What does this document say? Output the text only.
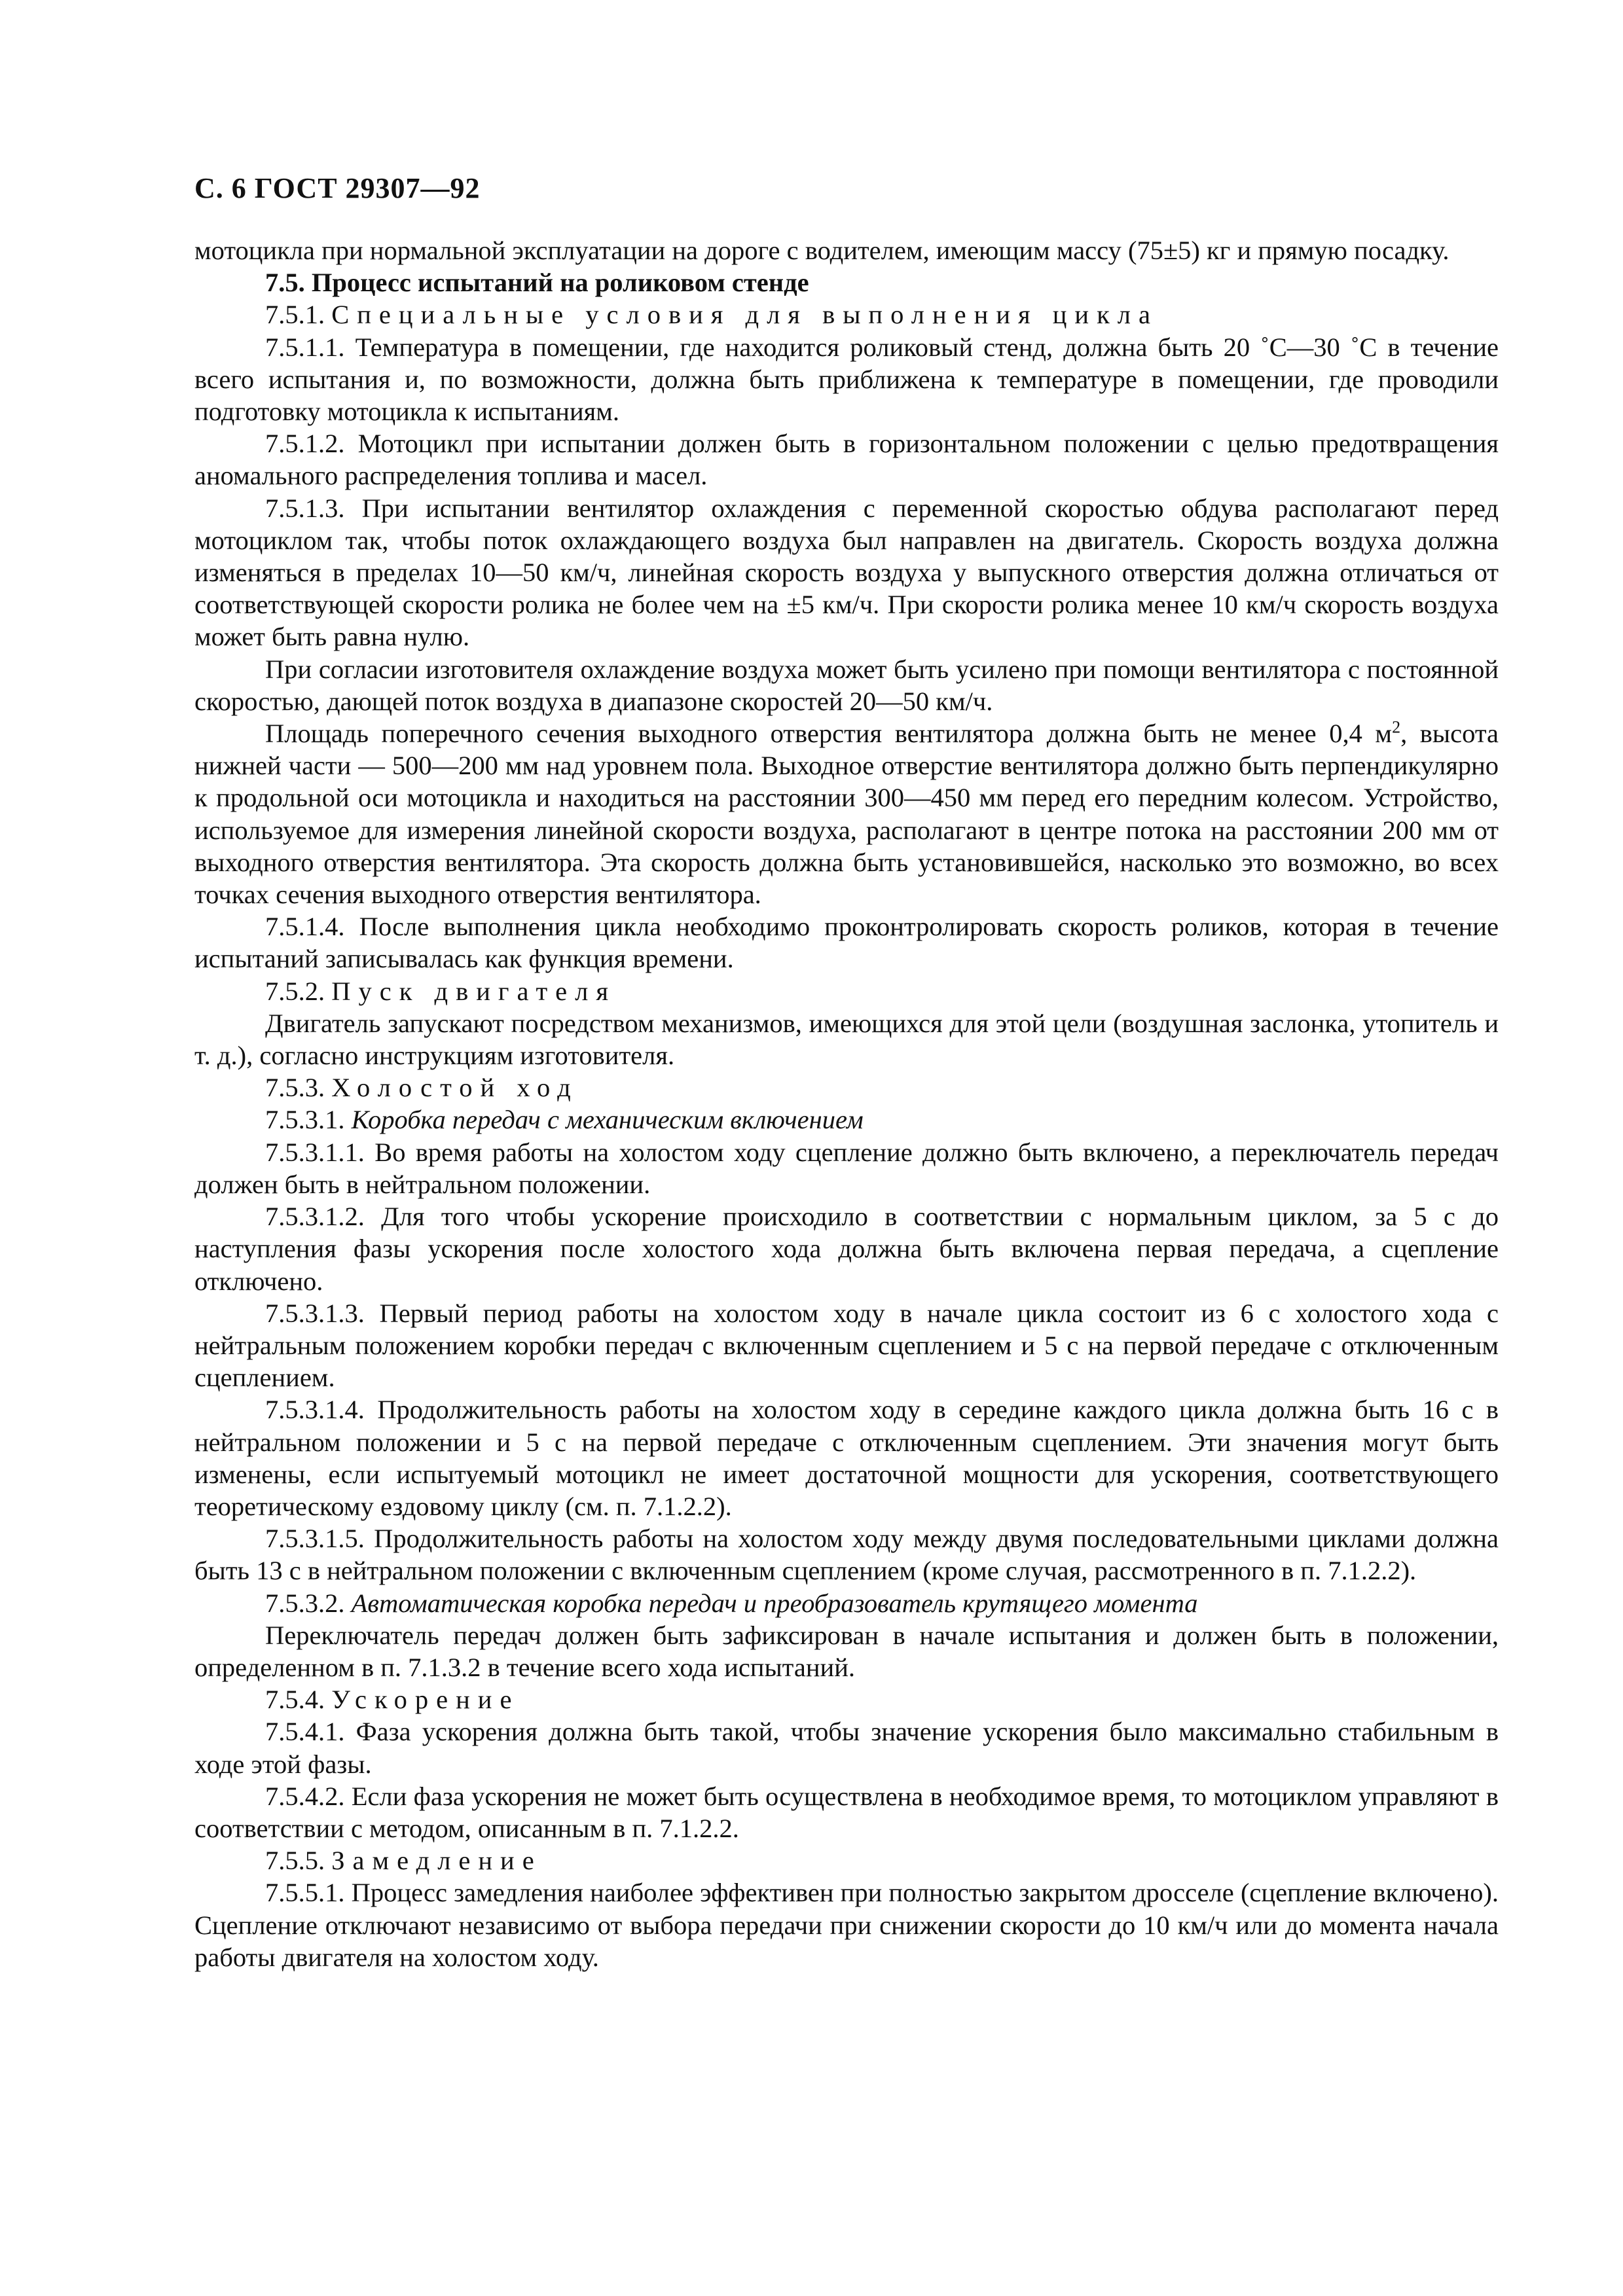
С. 6 ГОСТ 29307—92

мотоцикла при нормальной эксплуатации на дороге с водителем, имеющим массу (75±5) кг и прямую посадку.

7.5. Процесс испытаний на роликовом стенде

7.5.1. Специальные условия для выполнения цикла

7.5.1.1. Температура в помещении, где находится роликовый стенд, должна быть 20 ˚С—30 ˚С в течение всего испытания и, по возможности, должна быть приближена к температуре в помещении, где проводили подготовку мотоцикла к испытаниям.

7.5.1.2. Мотоцикл при испытании должен быть в горизонтальном положении с целью предотвращения аномального распределения топлива и масел.

7.5.1.3. При испытании вентилятор охлаждения с переменной скоростью обдува располагают перед мотоциклом так, чтобы поток охлаждающего воздуха был направлен на двигатель. Скорость воздуха должна изменяться в пределах 10—50 км/ч, линейная скорость воздуха у выпускного отверстия должна отличаться от соответствующей скорости ролика не более чем на ±5 км/ч. При скорости ролика менее 10 км/ч скорость воздуха может быть равна нулю.

При согласии изготовителя охлаждение воздуха может быть усилено при помощи вентилятора с постоянной скоростью, дающей поток воздуха в диапазоне скоростей 20—50 км/ч.

Площадь поперечного сечения выходного отверстия вентилятора должна быть не менее 0,4 $м^2$, высота нижней части — 500—200 мм над уровнем пола. Выходное отверстие вентилятора должно быть перпендикулярно к продольной оси мотоцикла и находиться на расстоянии 300—450 мм перед его передним колесом. Устройство, используемое для измерения линейной скорости воздуха, располагают в центре потока на расстоянии 200 мм от выходного отверстия вентилятора. Эта скорость должна быть установившейся, насколько это возможно, во всех точках сечения выходного отверстия вентилятора.

7.5.1.4. После выполнения цикла необходимо проконтролировать скорость роликов, которая в течение испытаний записывалась как функция времени.

7.5.2. Пуск двигателя

Двигатель запускают посредством механизмов, имеющихся для этой цели (воздушная заслонка, утопитель и т. д.), согласно инструкциям изготовителя.

7.5.3. Холостой ход

7.5.3.1. Коробка передач с механическим включением

7.5.3.1.1. Во время работы на холостом ходу сцепление должно быть включено, а переключатель передач должен быть в нейтральном положении.

7.5.3.1.2. Для того чтобы ускорение происходило в соответствии с нормальным циклом, за 5 с до наступления фазы ускорения после холостого хода должна быть включена первая передача, а сцепление отключено.

7.5.3.1.3. Первый период работы на холостом ходу в начале цикла состоит из 6 с холостого хода с нейтральным положением коробки передач с включенным сцеплением и 5 с на первой передаче с отключенным сцеплением.

7.5.3.1.4. Продолжительность работы на холостом ходу в середине каждого цикла должна быть 16 с в нейтральном положении и 5 с на первой передаче с отключенным сцеплением. Эти значения могут быть изменены, если испытуемый мотоцикл не имеет достаточной мощности для ускорения, соответствующего теоретическому ездовому циклу (см. п. 7.1.2.2).

7.5.3.1.5. Продолжительность работы на холостом ходу между двумя последовательными циклами должна быть 13 с в нейтральном положении с включенным сцеплением (кроме случая, рассмотренного в п. 7.1.2.2).

7.5.3.2. Автоматическая коробка передач и преобразователь крутящего момента

Переключатель передач должен быть зафиксирован в начале испытания и должен быть в положении, определенном в п. 7.1.3.2 в течение всего хода испытаний.

7.5.4. Ускорение

7.5.4.1. Фаза ускорения должна быть такой, чтобы значение ускорения было максимально стабильным в ходе этой фазы.

7.5.4.2. Если фаза ускорения не может быть осуществлена в необходимое время, то мотоциклом управляют в соответствии с методом, описанным в п. 7.1.2.2.

7.5.5. Замедление

7.5.5.1. Процесс замедления наиболее эффективен при полностью закрытом дросселе (сцепление включено). Сцепление отключают независимо от выбора передачи при снижении скорости до 10 км/ч или до момента начала работы двигателя на холостом ходу.
